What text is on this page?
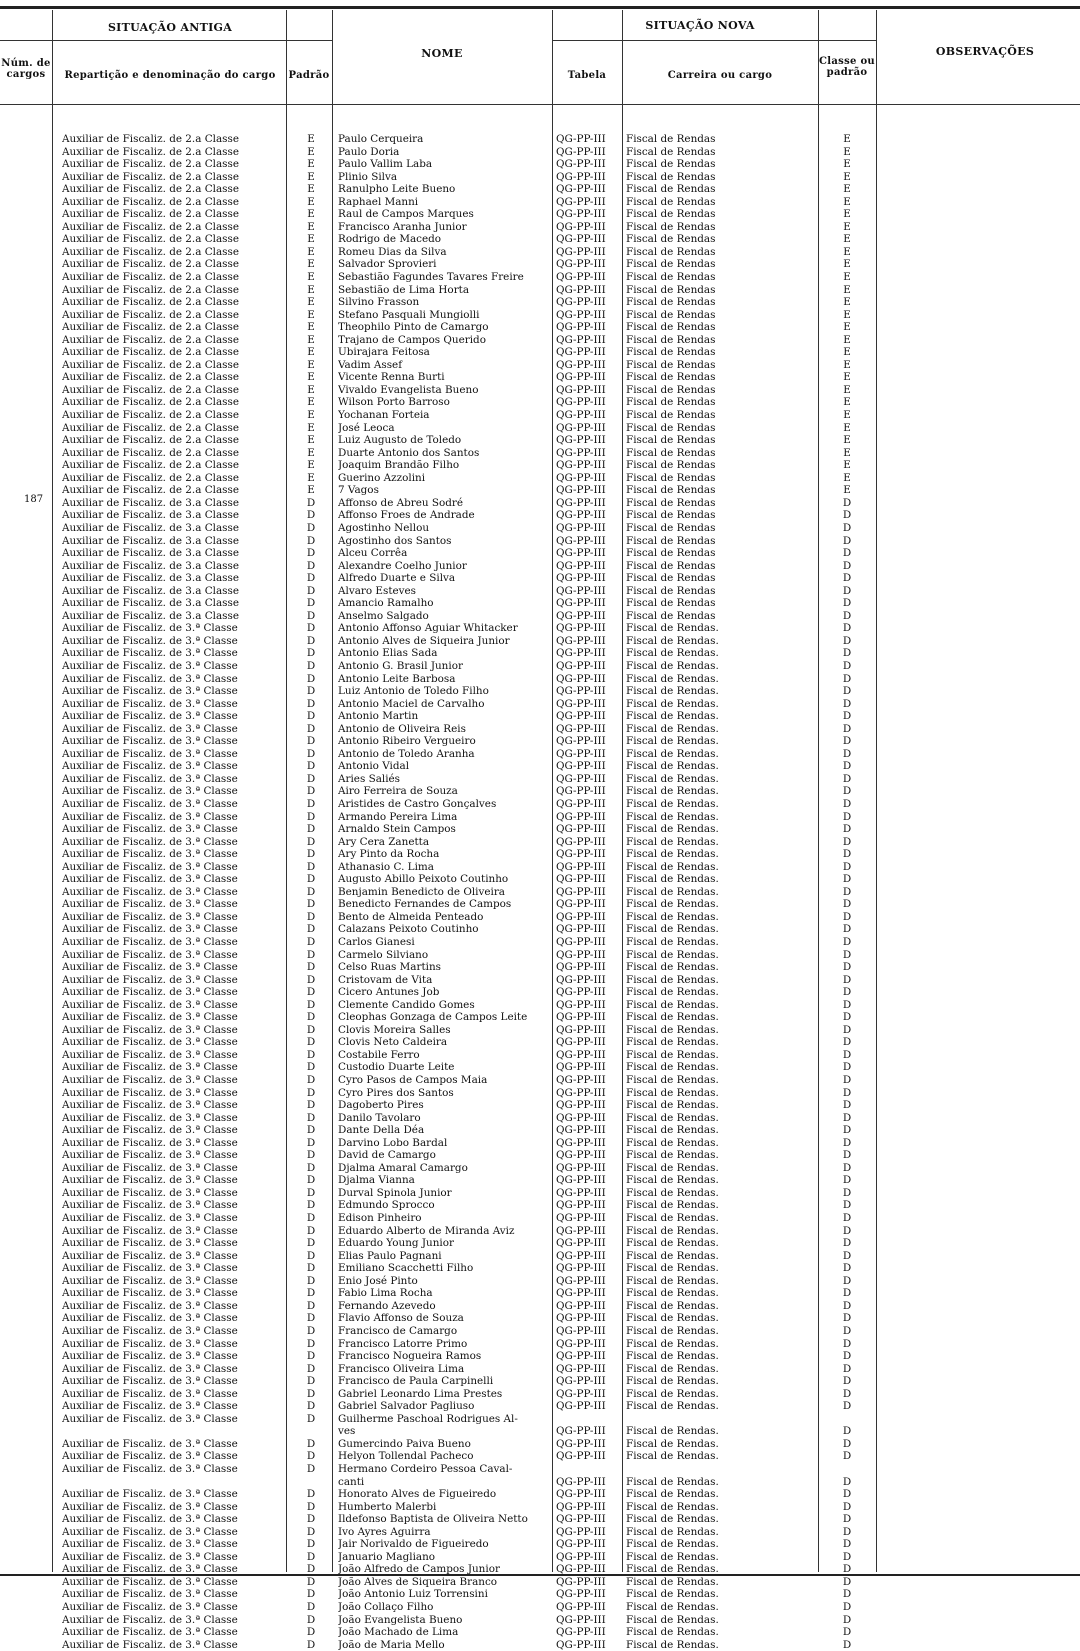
SITUAÇÃO ANTIGA	SITUAÇÃO NOVA
OBSERVAÇÕES
Núm. de cargos	Repartição e denominação do cargo	Padrão
NOME
Tabela	Carreira ou cargo
Classe ou padrão
187
Auxiliar de Fiscaliz. de 2.a Classe	E	Paulo Cerqueira	QG-PP-III	Fiscal de Rendas	E
Auxiliar de Fiscaliz. de 2.a Classe	E	Paulo Doria	QG-PP-III	Fiscal de Rendas	E
Auxiliar de Fiscaliz. de 2.a Classe	E	Paulo Vallim Laba	QG-PP-III	Fiscal de Rendas	E
Auxiliar de Fiscaliz. de 2.a Classe	E	Plinio Silva	QG-PP-III	Fiscal de Rendas	E
Auxiliar de Fiscaliz. de 2.a Classe	E	Ranulpho Leite Bueno	QG-PP-III	Fiscal de Rendas	E
Auxiliar de Fiscaliz. de 2.a Classe	E	Raphael Manni	QG-PP-III	Fiscal de Rendas	E
Auxiliar de Fiscaliz. de 2.a Classe	E	Raul de Campos Marques	QG-PP-III	Fiscal de Rendas	E
Auxiliar de Fiscaliz. de 2.a Classe	E	Francisco Aranha Junior	QG-PP-III	Fiscal de Rendas	E
Auxiliar de Fiscaliz. de 2.a Classe	E	Rodrigo de Macedo	QG-PP-III	Fiscal de Rendas	E
Auxiliar de Fiscaliz. de 2.a Classe	E	Romeu Dias da Silva	QG-PP-III	Fiscal de Rendas	E
Auxiliar de Fiscaliz. de 2.a Classe	E	Salvador Sprovieri	QG-PP-III	Fiscal de Rendas	E
Auxiliar de Fiscaliz. de 2.a Classe	E	Sebastião Fagundes Tavares Freire	QG-PP-III	Fiscal de Rendas	E
Auxiliar de Fiscaliz. de 2.a Classe	E	Sebastião de Lima Horta	QG-PP-III	Fiscal de Rendas	E
Auxiliar de Fiscaliz. de 2.a Classe	E	Silvino Frasson	QG-PP-III	Fiscal de Rendas	E
Auxiliar de Fiscaliz. de 2.a Classe	E	Stefano Pasquali Mungiolli	QG-PP-III	Fiscal de Rendas	E
Auxiliar de Fiscaliz. de 2.a Classe	E	Theophilo Pinto de Camargo	QG-PP-III	Fiscal de Rendas	E
Auxiliar de Fiscaliz. de 2.a Classe	E	Trajano de Campos Querido	QG-PP-III	Fiscal de Rendas	E
Auxiliar de Fiscaliz. de 2.a Classe	E	Ubirajara Feitosa	QG-PP-III	Fiscal de Rendas	E
Auxiliar de Fiscaliz. de 2.a Classe	E	Vadim Assef	QG-PP-III	Fiscal de Rendas	E
Auxiliar de Fiscaliz. de 2.a Classe	E	Vicente Renna Burti	QG-PP-III	Fiscal de Rendas	E
Auxiliar de Fiscaliz. de 2.a Classe	E	Vivaldo Evangelista Bueno	QG-PP-III	Fiscal de Rendas	E
Auxiliar de Fiscaliz. de 2.a Classe	E	Wilson Porto Barroso	QG-PP-III	Fiscal de Rendas	E
Auxiliar de Fiscaliz. de 2.a Classe	E	Yochanan Forteia	QG-PP-III	Fiscal de Rendas	E
Auxiliar de Fiscaliz. de 2.a Classe	E	José Leoca	QG-PP-III	Fiscal de Rendas	E
Auxiliar de Fiscaliz. de 2.a Classe	E	Luiz Augusto de Toledo	QG-PP-III	Fiscal de Rendas	E
Auxiliar de Fiscaliz. de 2.a Classe	E	Duarte Antonio dos Santos	QG-PP-III	Fiscal de Rendas	E
Auxiliar de Fiscaliz. de 2.a Classe	E	Joaquim Brandão Filho	QG-PP-III	Fiscal de Rendas	E
Auxiliar de Fiscaliz. de 2.a Classe	E	Guerino Azzolini	QG-PP-III	Fiscal de Rendas	E
Auxiliar de Fiscaliz. de 2.a Classe	E	7 Vagos	QG-PP-III	Fiscal de Rendas	E
Auxiliar de Fiscaliz. de 3.a Classe	D	Affonso de Abreu Sodré	QG-PP-III	Fiscal de Rendas	D
Auxiliar de Fiscaliz. de 3.a Classe	D	Affonso Froes de Andrade	QG-PP-III	Fiscal de Rendas	D
Auxiliar de Fiscaliz. de 3.a Classe	D	Agostinho Nellou	QG-PP-III	Fiscal de Rendas	D
Auxiliar de Fiscaliz. de 3.a Classe	D	Agostinho dos Santos	QG-PP-III	Fiscal de Rendas	D
Auxiliar de Fiscaliz. de 3.a Classe	D	Alceu Corrêa	QG-PP-III	Fiscal de Rendas	D
Auxiliar de Fiscaliz. de 3.a Classe	D	Alexandre Coelho Junior	QG-PP-III	Fiscal de Rendas	D
Auxiliar de Fiscaliz. de 3.a Classe	D	Alfredo Duarte e Silva	QG-PP-III	Fiscal de Rendas	D
Auxiliar de Fiscaliz. de 3.a Classe	D	Alvaro Esteves	QG-PP-III	Fiscal de Rendas	D
Auxiliar de Fiscaliz. de 3.a Classe	D	Amancio Ramalho	QG-PP-III	Fiscal de Rendas	D
Auxiliar de Fiscaliz. de 3.a Classe	D	Anselmo Salgado	QG-PP-III	Fiscal de Rendas	D
Auxiliar de Fiscaliz. de 3.ª Classe	D	Antonio Affonso Aguiar Whitacker	QG-PP-III	Fiscal de Rendas.	D
Auxiliar de Fiscaliz. de 3.ª Classe	D	Antonio Alves de Siqueira Junior	QG-PP-III	Fiscal de Rendas.	D
Auxiliar de Fiscaliz. de 3.ª Classe	D	Antonio Elias Sada	QG-PP-III	Fiscal de Rendas.	D
Auxiliar de Fiscaliz. de 3.ª Classe	D	Antonio G. Brasil Junior	QG-PP-III	Fiscal de Rendas.	D
Auxiliar de Fiscaliz. de 3.ª Classe	D	Antonio Leite Barbosa	QG-PP-III	Fiscal de Rendas.	D
Auxiliar de Fiscaliz. de 3.ª Classe	D	Luiz Antonio de Toledo Filho	QG-PP-III	Fiscal de Rendas.	D
Auxiliar de Fiscaliz. de 3.ª Classe	D	Antonio Maciel de Carvalho	QG-PP-III	Fiscal de Rendas.	D
Auxiliar de Fiscaliz. de 3.ª Classe	D	Antonio Martin	QG-PP-III	Fiscal de Rendas.	D
Auxiliar de Fiscaliz. de 3.ª Classe	D	Antonio de Oliveira Reis	QG-PP-III	Fiscal de Rendas.	D
Auxiliar de Fiscaliz. de 3.ª Classe	D	Antonio Ribeiro Vergueiro	QG-PP-III	Fiscal de Rendas.	D
Auxiliar de Fiscaliz. de 3.ª Classe	D	Antonio de Toledo Aranha	QG-PP-III	Fiscal de Rendas.	D
Auxiliar de Fiscaliz. de 3.ª Classe	D	Antonio Vidal	QG-PP-III	Fiscal de Rendas.	D
Auxiliar de Fiscaliz. de 3.ª Classe	D	Aries Saliés	QG-PP-III	Fiscal de Rendas.	D
Auxiliar de Fiscaliz. de 3.ª Classe	D	Airo Ferreira de Souza	QG-PP-III	Fiscal de Rendas.	D
Auxiliar de Fiscaliz. de 3.ª Classe	D	Aristides de Castro Gonçalves	QG-PP-III	Fiscal de Rendas.	D
Auxiliar de Fiscaliz. de 3.ª Classe	D	Armando Pereira Lima	QG-PP-III	Fiscal de Rendas.	D
Auxiliar de Fiscaliz. de 3.ª Classe	D	Arnaldo Stein Campos	QG-PP-III	Fiscal de Rendas.	D
Auxiliar de Fiscaliz. de 3.ª Classe	D	Ary Cera Zanetta	QG-PP-III	Fiscal de Rendas.	D
Auxiliar de Fiscaliz. de 3.ª Classe	D	Ary Pinto da Rocha	QG-PP-III	Fiscal de Rendas.	D
Auxiliar de Fiscaliz. de 3.ª Classe	D	Athanasio C. Lima	QG-PP-III	Fiscal de Rendas.	D
Auxiliar de Fiscaliz. de 3.ª Classe	D	Augusto Abillo Peixoto Coutinho	QG-PP-III	Fiscal de Rendas.	D
Auxiliar de Fiscaliz. de 3.ª Classe	D	Benjamin Benedicto de Oliveira	QG-PP-III	Fiscal de Rendas.	D
Auxiliar de Fiscaliz. de 3.ª Classe	D	Benedicto Fernandes de Campos	QG-PP-III	Fiscal de Rendas.	D
Auxiliar de Fiscaliz. de 3.ª Classe	D	Bento de Almeida Penteado	QG-PP-III	Fiscal de Rendas.	D
Auxiliar de Fiscaliz. de 3.ª Classe	D	Calazans Peixoto Coutinho	QG-PP-III	Fiscal de Rendas.	D
Auxiliar de Fiscaliz. de 3.ª Classe	D	Carlos Gianesi	QG-PP-III	Fiscal de Rendas.	D
Auxiliar de Fiscaliz. de 3.ª Classe	D	Carmelo Silviano	QG-PP-III	Fiscal de Rendas.	D
Auxiliar de Fiscaliz. de 3.ª Classe	D	Celso Ruas Martins	QG-PP-III	Fiscal de Rendas.	D
Auxiliar de Fiscaliz. de 3.ª Classe	D	Cristovam de Vita	QG-PP-III	Fiscal de Rendas.	D
Auxiliar de Fiscaliz. de 3.ª Classe	D	Cicero Antunes Job	QG-PP-III	Fiscal de Rendas.	D
Auxiliar de Fiscaliz. de 3.ª Classe	D	Clemente Candido Gomes	QG-PP-III	Fiscal de Rendas.	D
Auxiliar de Fiscaliz. de 3.ª Classe	D	Cleophas Gonzaga de Campos Leite	QG-PP-III	Fiscal de Rendas.	D
Auxiliar de Fiscaliz. de 3.ª Classe	D	Clovis Moreira Salles	QG-PP-III	Fiscal de Rendas.	D
Auxiliar de Fiscaliz. de 3.ª Classe	D	Clovis Neto Caldeira	QG-PP-III	Fiscal de Rendas.	D
Auxiliar de Fiscaliz. de 3.ª Classe	D	Costabile Ferro	QG-PP-III	Fiscal de Rendas.	D
Auxiliar de Fiscaliz. de 3.ª Classe	D	Custodio Duarte Leite	QG-PP-III	Fiscal de Rendas.	D
Auxiliar de Fiscaliz. de 3.ª Classe	D	Cyro Pasos de Campos Maia	QG-PP-III	Fiscal de Rendas.	D
Auxiliar de Fiscaliz. de 3.ª Classe	D	Cyro Pires dos Santos	QG-PP-III	Fiscal de Rendas.	D
Auxiliar de Fiscaliz. de 3.ª Classe	D	Dagoberto Pires	QG-PP-III	Fiscal de Rendas.	D
Auxiliar de Fiscaliz. de 3.ª Classe	D	Danilo Tavolaro	QG-PP-III	Fiscal de Rendas.	D
Auxiliar de Fiscaliz. de 3.ª Classe	D	Dante Della Déa	QG-PP-III	Fiscal de Rendas.	D
Auxiliar de Fiscaliz. de 3.ª Classe	D	Darvino Lobo Bardal	QG-PP-III	Fiscal de Rendas.	D
Auxiliar de Fiscaliz. de 3.ª Classe	D	David de Camargo	QG-PP-III	Fiscal de Rendas.	D
Auxiliar de Fiscaliz. de 3.ª Classe	D	Djalma Amaral Camargo	QG-PP-III	Fiscal de Rendas.	D
Auxiliar de Fiscaliz. de 3.ª Classe	D	Djalma Vianna	QG-PP-III	Fiscal de Rendas.	D
Auxiliar de Fiscaliz. de 3.ª Classe	D	Durval Spinola Junior	QG-PP-III	Fiscal de Rendas.	D
Auxiliar de Fiscaliz. de 3.ª Classe	D	Edmundo Sprocco	QG-PP-III	Fiscal de Rendas.	D
Auxiliar de Fiscaliz. de 3.ª Classe	D	Edison Pinheiro	QG-PP-III	Fiscal de Rendas.	D
Auxiliar de Fiscaliz. de 3.ª Classe	D	Eduardo Alberto de Miranda Aviz	QG-PP-III	Fiscal de Rendas.	D
Auxiliar de Fiscaliz. de 3.ª Classe	D	Eduardo Young Junior	QG-PP-III	Fiscal de Rendas.	D
Auxiliar de Fiscaliz. de 3.ª Classe	D	Elias Paulo Pagnani	QG-PP-III	Fiscal de Rendas.	D
Auxiliar de Fiscaliz. de 3.ª Classe	D	Emiliano Scacchetti Filho	QG-PP-III	Fiscal de Rendas.	D
Auxiliar de Fiscaliz. de 3.ª Classe	D	Enio José Pinto	QG-PP-III	Fiscal de Rendas.	D
Auxiliar de Fiscaliz. de 3.ª Classe	D	Fabio Lima Rocha	QG-PP-III	Fiscal de Rendas.	D
Auxiliar de Fiscaliz. de 3.ª Classe	D	Fernando Azevedo	QG-PP-III	Fiscal de Rendas.	D
Auxiliar de Fiscaliz. de 3.ª Classe	D	Flavio Affonso de Souza	QG-PP-III	Fiscal de Rendas.	D
Auxiliar de Fiscaliz. de 3.ª Classe	D	Francisco de Camargo	QG-PP-III	Fiscal de Rendas.	D
Auxiliar de Fiscaliz. de 3.ª Classe	D	Francisco Latorre Primo	QG-PP-III	Fiscal de Rendas.	D
Auxiliar de Fiscaliz. de 3.ª Classe	D	Francisco Nogueira Ramos	QG-PP-III	Fiscal de Rendas.	D
Auxiliar de Fiscaliz. de 3.ª Classe	D	Francisco Oliveira Lima	QG-PP-III	Fiscal de Rendas.	D
Auxiliar de Fiscaliz. de 3.ª Classe	D	Francisco de Paula Carpinelli	QG-PP-III	Fiscal de Rendas.	D
Auxiliar de Fiscaliz. de 3.ª Classe	D	Gabriel Leonardo Lima Prestes	QG-PP-III	Fiscal de Rendas.	D
Auxiliar de Fiscaliz. de 3.ª Classe	D	Gabriel Salvador Pagliuso	QG-PP-III	Fiscal de Rendas.	D
Auxiliar de Fiscaliz. de 3.ª Classe	D	Guilherme Paschoal Rodrigues Al-
ves	QG-PP-III	Fiscal de Rendas.	D
Auxiliar de Fiscaliz. de 3.ª Classe	D	Gumercindo Paiva Bueno	QG-PP-III	Fiscal de Rendas.	D
Auxiliar de Fiscaliz. de 3.ª Classe	D	Helyon Tollendal Pacheco	QG-PP-III	Fiscal de Rendas.	D
Auxiliar de Fiscaliz. de 3.ª Classe	D	Hermano Cordeiro Pessoa Caval-
canti	QG-PP-III	Fiscal de Rendas.	D
Auxiliar de Fiscaliz. de 3.ª Classe	D	Honorato Alves de Figueiredo	QG-PP-III	Fiscal de Rendas.	D
Auxiliar de Fiscaliz. de 3.ª Classe	D	Humberto Malerbi	QG-PP-III	Fiscal de Rendas.	D
Auxiliar de Fiscaliz. de 3.ª Classe	D	Ildefonso Baptista de Oliveira Netto	QG-PP-III	Fiscal de Rendas.	D
Auxiliar de Fiscaliz. de 3.ª Classe	D	Ivo Ayres Aguirra	QG-PP-III	Fiscal de Rendas.	D
Auxiliar de Fiscaliz. de 3.ª Classe	D	Jair Norivaldo de Figueiredo	QG-PP-III	Fiscal de Rendas.	D
Auxiliar de Fiscaliz. de 3.ª Classe	D	Januario Magliano	QG-PP-III	Fiscal de Rendas.	D
Auxiliar de Fiscaliz. de 3.ª Classe	D	João Alfredo de Campos Junior	QG-PP-III	Fiscal de Rendas.	D
Auxiliar de Fiscaliz. de 3.ª Classe	D	João Alves de Siqueira Branco	QG-PP-III	Fiscal de Rendas.	D
Auxiliar de Fiscaliz. de 3.ª Classe	D	João Antonio Luiz Torrensini	QG-PP-III	Fiscal de Rendas.	D
Auxiliar de Fiscaliz. de 3.ª Classe	D	João Collaço Filho	QG-PP-III	Fiscal de Rendas.	D
Auxiliar de Fiscaliz. de 3.ª Classe	D	João Evangelista Bueno	QG-PP-III	Fiscal de Rendas.	D
Auxiliar de Fiscaliz. de 3.ª Classe	D	João Machado de Lima	QG-PP-III	Fiscal de Rendas.	D
Auxiliar de Fiscaliz. de 3.ª Classe	D	João de Maria Mello	QG-PP-III	Fiscal de Rendas.	D
